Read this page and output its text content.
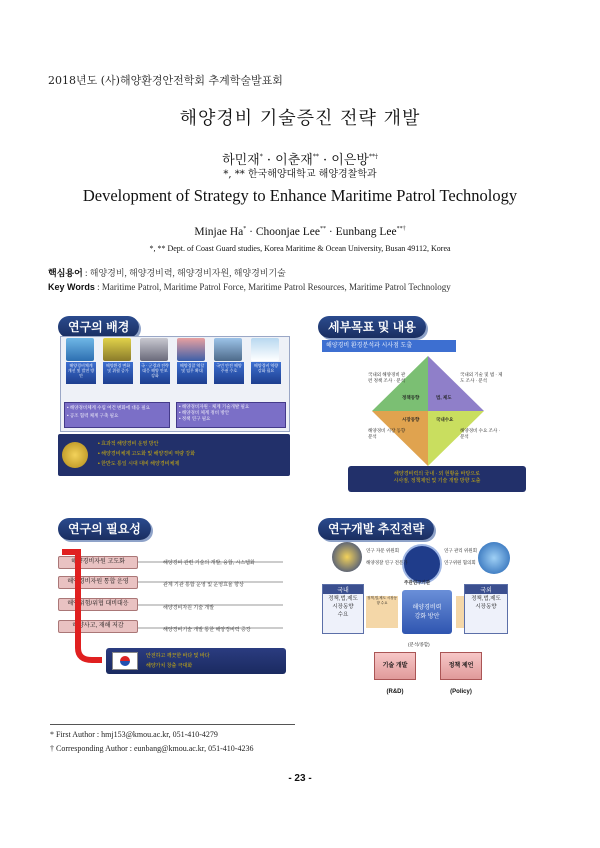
2018년도 (사)해양환경안전학회 추계학술발표회
해양경비 기술증진 전략 개발
하민재* · 이춘재** · 이은방**†
*, ** 한국해양대학교 해양경찰학과
Development of Strategy to Enhance Maritime Patrol Technology
Minjae Ha* · Choonjae Lee** · Eunbang Lee**†
*, ** Dept. of Coast Guard studies, Korea Maritime & Ocean University, Busan 49112, Korea
핵심용어 : 해양경비, 해양경비력, 해양경비자원, 해양경비기술
Key Words : Maritime Patrol, Maritime Patrol Force, Maritime Patrol Resources, Maritime Patrol Technology
연구의 배경
해양경비체계 개선 및 발전 방안
해양환경 변화 및 위협 증가
국 · 군경과 전략대응 해양 안보 강화
해양경찰 역할 및 임무 확대
국민 안전 해양 주권 수호
해양경비 역량 강화 필요
• 해양경비체계 수립 여건 변화에 대응 필요
• 공조 협력 체계 구축 필요
• 해양경비자원 · 체계 기술개발 필요
• 해양경비 체계 정비 방안
• 정책 연구 필요
• 효과적 해양경비 운영 방안
• 해양경비체계 고도화 및 해양경비 역량 강화
• 한반도 통일 시대 대비 해양경비체제
세부목표 및 내용
해양경비 환경분석과 시사점 도출
정책동향	법, 제도
시장동향	국내수요
국내외 해양경비 관련 정책 조사 · 분석
국내외 기술 및 법 · 제도 조사 · 분석
해양경비 시장 동향 분석
해양경비 수요 조사 · 분석
해양경비력의 국내 · 외 현황을 바탕으로
시사점, 정책제언 및 기술 개발 방향 도출
연구의 필요성
해양경비자원 고도화
해양경비자원 통합 운영
해양위험/위협 대비대응
해양사고, 재해 저감
해양경비 관련 기술의 개발, 융합, 시스템화
관계 기관 통합 운영 및 운영효율 향상
해양경비자원 기술 개발
해양경비기술 개발 통한 해양경비력 증강
안전하고 깨끗한 바다 및 바다
해양가치 창출 극대화
연구개발 추진전략
연구 자문 위원회	연구 관리 위원회
해양경찰 연구 전문가	연구위원 협의회
주관연구기관
해양경비력
강화 방안
국내
정책,법,제도
시장동향
수요
국외
정책,법,제도
시장동향
정책,법,제도 시장동향 수요
(분석/종합)
기술 개발 (R&D)
정책 제언 (Policy)
* First Author : hmj153@kmou.ac.kr, 051-410-4279
† Corresponding Author : eunbang@kmou.ac.kr, 051-410-4236
- 23 -
